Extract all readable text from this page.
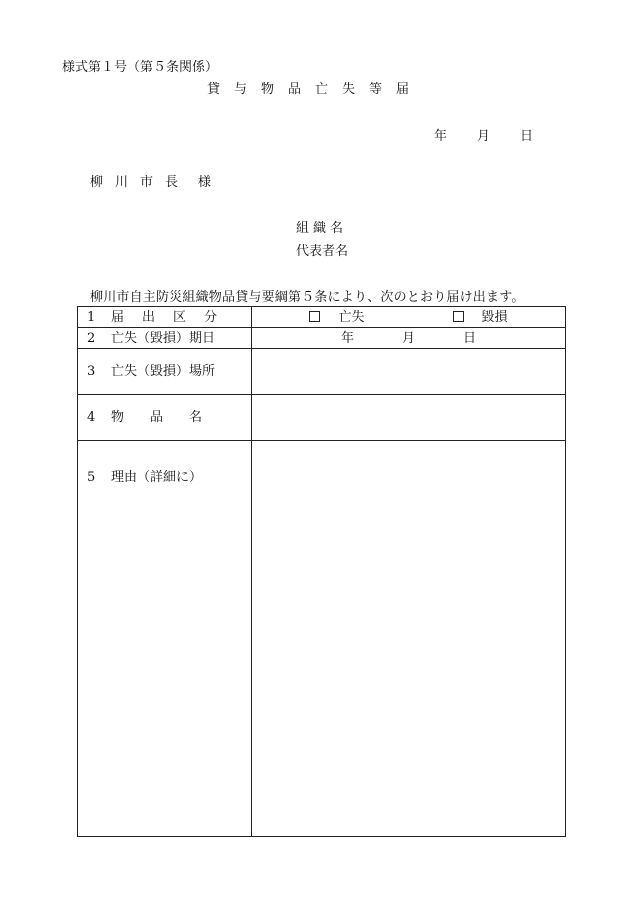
様式第１号（第５条関係）
貸与物品亡失等届
年 月 日
柳川市長 様
組織名
代表者名
柳川市自主防災組織物品貸与要綱第５条により、次のとおり届け出ます。
1 届出区分	亡失 毀損
2 亡失（毀損）期日	年 月 日
3 亡失（毀損）場所	
4 物品名	
5 理由（詳細に）	
